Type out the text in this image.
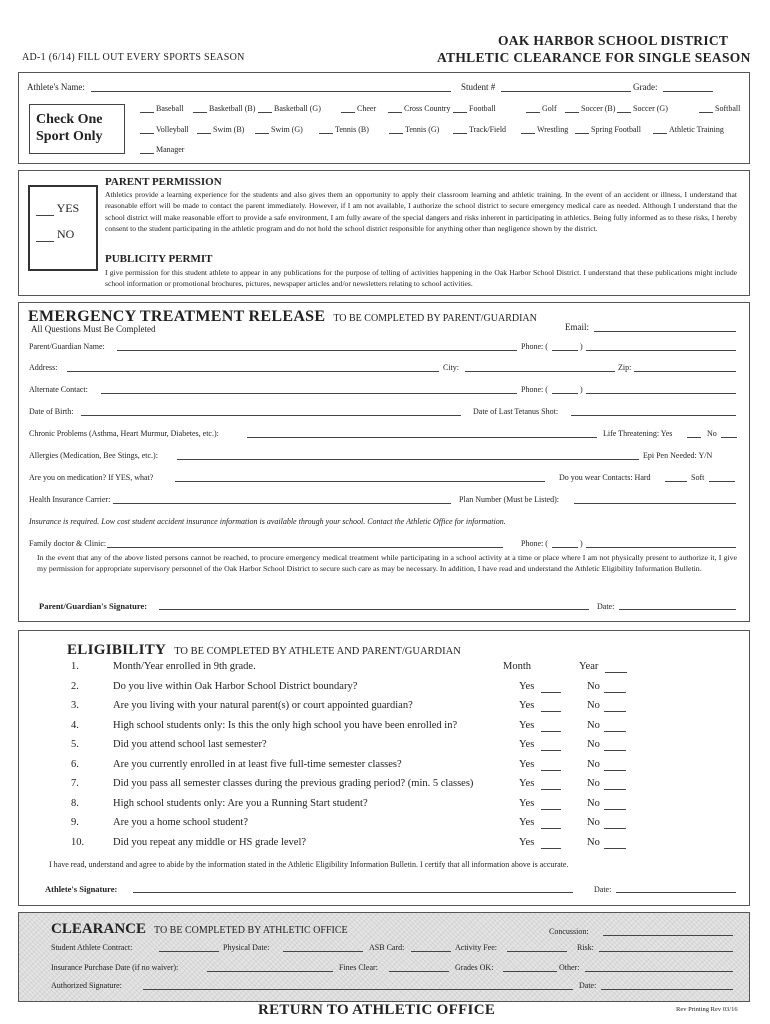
OAK HARBOR SCHOOL DISTRICT
AD-1 (6/14) FILL OUT EVERY SPORTS SEASON	ATHLETIC CLEARANCE FOR SINGLE SEASON
Athlete's Name:	Student #	Grade:
Check One Sport Only
Baseball	Basketball (B)	Basketball (G)	Cheer	Cross Country	Football	Golf	Soccer (B)	Soccer (G)	Softball
Volleyball	Swim (B)	Swim (G)	Tennis (B)	Tennis (G)	Track/Field	Wrestling	Spring Football	Athletic Training
Manager
YES
NO
PARENT PERMISSION
Athletics provide a learning experience for the students and also gives them an opportunity to apply their classroom learning and athletic training. In the event of an accident or illness, I understand that reasonable effort will be made to contact the parent immediately. However, if I am not available, I authorize the school district to secure emergency medical care as needed. Although I understand that the school district will make reasonable effort to provide a safe environment, I am fully aware of the special dangers and risks inherent in participating in athletics. Being fully informed as to these risks, I hereby consent to the student participating in the athletic program and do not hold the school district responsible for anything other than negligence shown by the district.
PUBLICITY PERMIT
I give permission for this student athlete to appear in any publications for the purpose of telling of activities happening in the Oak Harbor School District. I understand that these publications might include school information or promotional brochures, pictures, newspaper articles and/or newsletters relating to school activities.
EMERGENCY TREATMENT RELEASE TO BE COMPLETED BY PARENT/GUARDIAN
All Questions Must Be Completed	Email:
Parent/Guardian Name:	Phone: (	)
Address:	City:	Zip:
Alternate Contact:	Phone: (	)
Date of Birth:	Date of Last Tetanus Shot:
Chronic Problems (Asthma, Heart Murmur, Diabetes, etc.):	Life Threatening: Yes	No
Allergies (Medication, Bee Stings, etc.):	Epi Pen Needed: Y/N
Are you on medication? If YES, what?	Do you wear Contacts: Hard	Soft
Health Insurance Carrier:	Plan Number (Must be Listed):
Insurance is required. Low cost student accident insurance information is available through your school. Contact the Athletic Office for information.
Family doctor & Clinic:	Phone: (	)
In the event that any of the above listed persons cannot be reached, to procure emergency medical treatment while participating in a school activity at a time or place where I am not physically present to authorize it, I give my permission for appropriate supervisory personnel of the Oak Harbor School District to secure such care as may be necessary. In addition, I have read and understand the Athletic Eligibility Information Bulletin.
Parent/Guardian's Signature:	Date:
ELIGIBILITY TO BE COMPLETED BY ATHLETE AND PARENT/GUARDIAN
1.	Month/Year enrolled in 9th grade.	Month	Year
2.	Do you live within Oak Harbor School District boundary?	Yes	No
3.	Are you living with your natural parent(s) or court appointed guardian?	Yes	No
4.	High school students only: Is this the only high school you have been enrolled in?	Yes	No
5.	Did you attend school last semester?	Yes	No
6.	Are you currently enrolled in at least five full-time semester classes?	Yes	No
7.	Did you pass all semester classes during the previous grading period? (min. 5 classes)	Yes	No
8.	High school students only: Are you a Running Start student?	Yes	No
9.	Are you a home school student?	Yes	No
10.	Did you repeat any middle or HS grade level?	Yes	No
I have read, understand and agree to abide by the information stated in the Athletic Eligibility Information Bulletin. I certify that all information above is accurate.
Athlete's Signature:	Date:
CLEARANCE TO BE COMPLETED BY ATHLETIC OFFICE	Concussion:
Student Athlete Contract:	Physical Date:	ASB Card:	Activity Fee:	Risk:
Insurance Purchase Date (if no waiver):	Fines Clear:	Grades OK:	Other:
Authorized Signature:	Date:
RETURN TO ATHLETIC OFFICE	Rev Printing Rev 03/16
